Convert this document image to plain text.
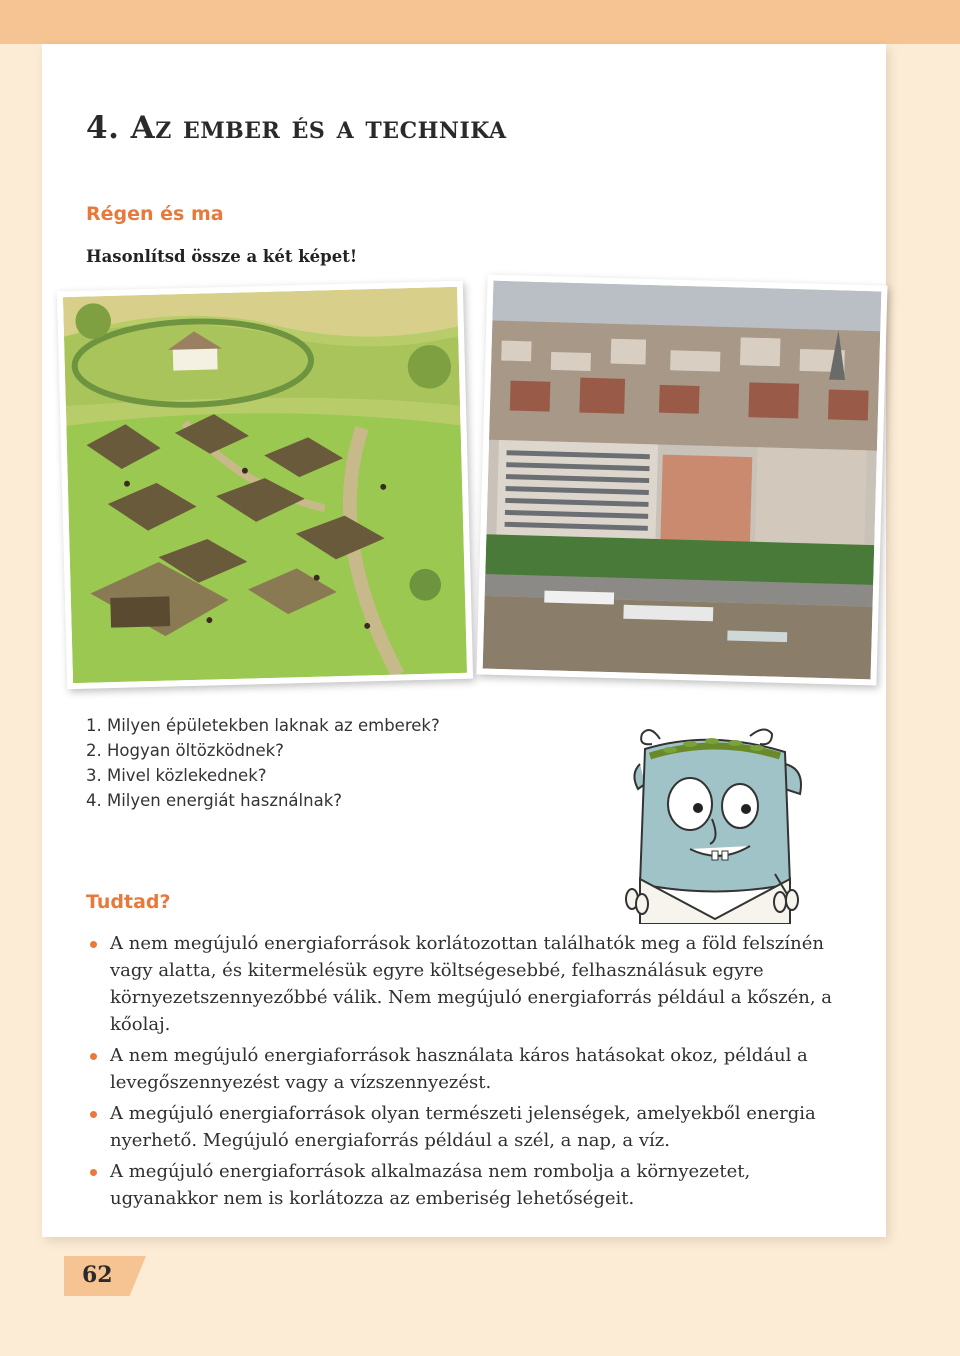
4. Az ember és a technika
Régen és ma
Hasonlítsd össze a két képet!
1. Milyen épületekben laknak az emberek?
2. Hogyan öltözködnek?
3. Mivel közlekednek?
4. Milyen energiát használnak?
Tudtad?
A nem megújuló energiaforrások korlátozottan találhatók meg a föld felszínén vagy alatta, és kitermelésük egyre költségesebbé, felhasználásuk egyre környezetszennyezőbbé válik. Nem megújuló energiaforrás például a kőszén, a kőolaj.
A nem megújuló energiaforrások használata káros hatásokat okoz, például a levegőszennyezést vagy a vízszennyezést.
A megújuló energiaforrások olyan természeti jelenségek, amelyekből energia nyerhető. Megújuló energiaforrás például a szél, a nap, a víz.
A megújuló energiaforrások alkalmazása nem rombolja a környezetet, ugyanakkor nem is korlátozza az emberiség lehetőségeit.
62
